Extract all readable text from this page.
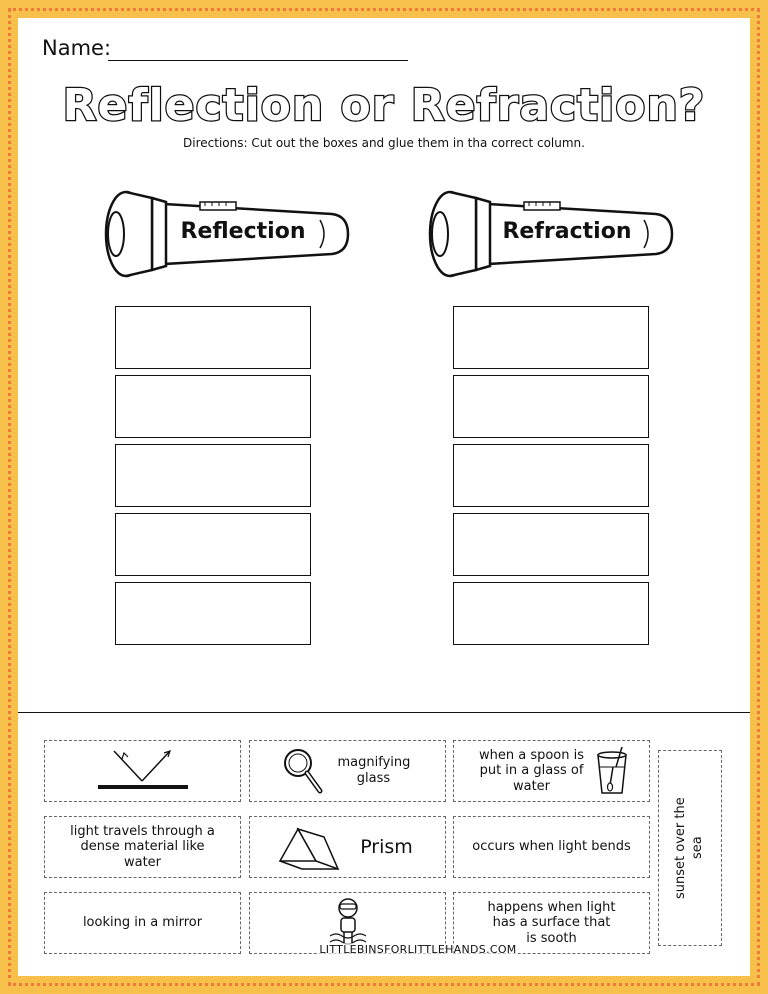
Name:
Reflection or Refraction?
Directions: Cut out the boxes and glue them in tha correct column.
Reflection	Refraction
magnifying glass
when a spoon is put in a glass of water
light travels through a dense material like water
Prism	occurs when light bends
looking in a mirror
happens when light has a surface that is sooth
sunset over the sea
LITTLEBINSFORLITTLEHANDS.COM
